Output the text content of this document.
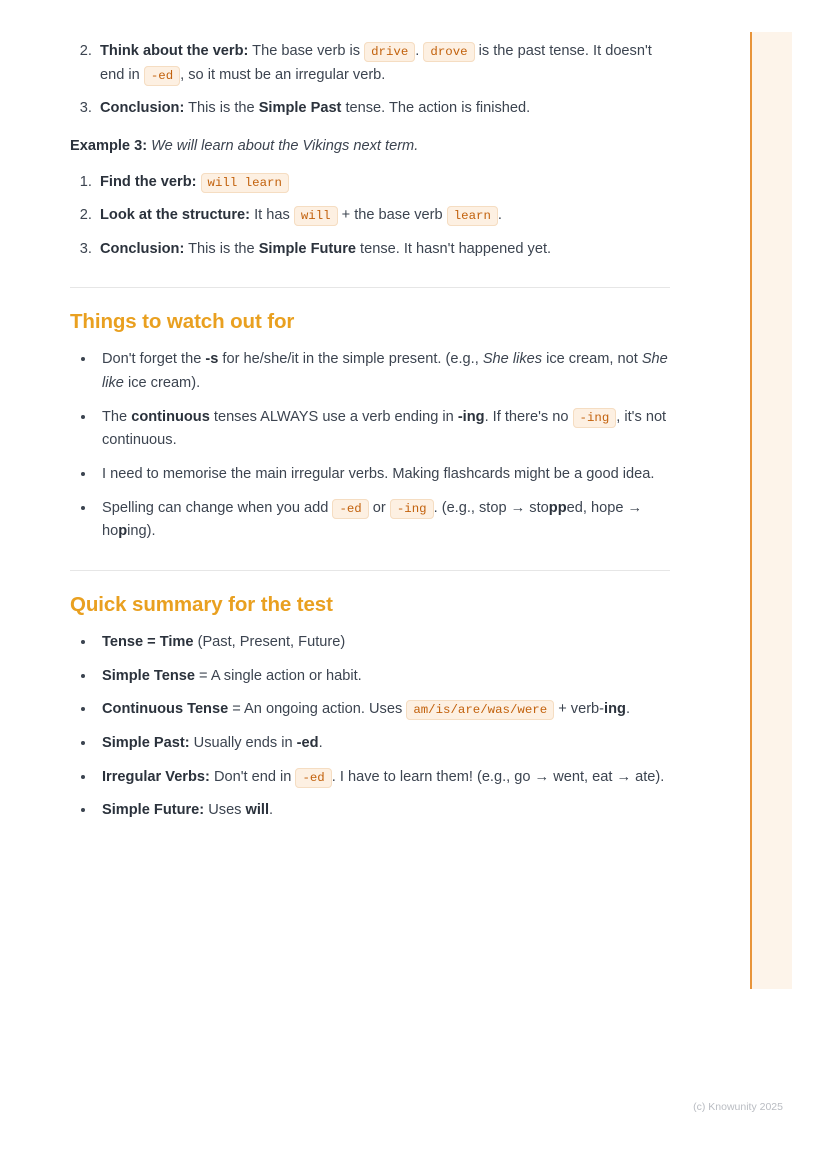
2. Think about the verb: The base verb is drive . drove is the past tense. It doesn't end in -ed , so it must be an irregular verb.
3. Conclusion: This is the Simple Past tense. The action is finished.

Example 3: We will learn about the Vikings next term.

1. Find the verb: will learn
2. Look at the structure: It has will + the base verb learn .
3. Conclusion: This is the Simple Future tense. It hasn't happened yet.
Things to watch out for
• Don't forget the -s for he/she/it in the simple present. (e.g., She likes ice cream, not She like ice cream).
• The continuous tenses ALWAYS use a verb ending in -ing. If there's no -ing , it's not continuous.
• I need to memorise the main irregular verbs. Making flashcards might be a good idea.
• Spelling can change when you add -ed or -ing . (e.g., stop → stopped, hope → hoping).
Quick summary for the test
• Tense = Time (Past, Present, Future)
• Simple Tense = A single action or habit.
• Continuous Tense = An ongoing action. Uses am/is/are/was/were + verb-ing.
• Simple Past: Usually ends in -ed.
• Irregular Verbs: Don't end in -ed . I have to learn them! (e.g., go → went, eat → ate).
• Simple Future: Uses will.
(c) Knowunity 2025
